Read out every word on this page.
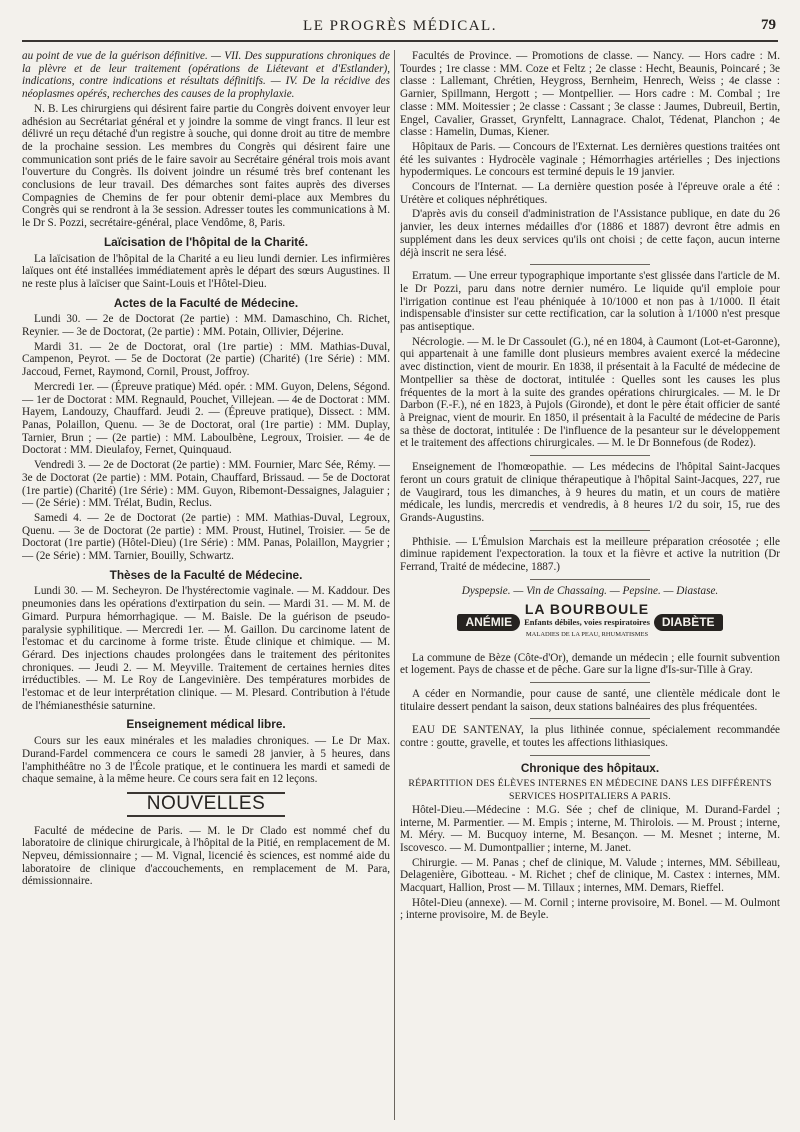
LE PROGRÈS MÉDICAL.	79

au point de vue de la guérison définitive. — VII. Des suppurations chroniques de la plèvre et de leur traitement (opérations de Liétevant et d'Estlander), indications, contre indications et résultats définitifs. — IV. De la récidive des néoplasmes opérés, recherches des causes de la prophylaxie.

N. B. Les chirurgiens qui désirent faire partie du Congrès doivent envoyer leur adhésion au Secrétariat général et y joindre la somme de vingt francs. Il leur est délivré un reçu détaché d'un registre à souche, qui donne droit au titre de membre de la prochaine session. Les membres du Congrès qui désirent faire une communication sont priés de le faire savoir au Secrétaire général trois mois avant l'ouverture du Congrès. Ils doivent joindre un résumé très bref contenant les conclusions de leur travail. Des démarches sont faites auprès des diverses Compagnies de Chemins de fer pour obtenir demi-place aux Membres du Congrès qui se rendront à la 3e session. Adresser toutes les communications à M. le Dr S. Pozzi, secrétaire-général, place Vendôme, 8, Paris.

Laïcisation de l'hôpital de la Charité.

La laïcisation de l'hôpital de la Charité a eu lieu lundi dernier. Les infirmières laïques ont été installées immédiatement après le départ des sœurs Augustines. Il ne reste plus à laïciser que Saint-Louis et l'Hôtel-Dieu.

Actes de la Faculté de Médecine.

Lundi 30. — 2e de Doctorat (2e partie) : MM. Damaschino, Ch. Richet, Reynier. — 3e de Doctorat, (2e partie) : MM. Potain, Ollivier, Déjerine.

Mardi 31. — 2e de Doctorat, oral (1re partie) : MM. Mathias-Duval, Campenon, Peyrot. — 5e de Doctorat (2e partie) (Charité) (1re Série) : MM. Jaccoud, Fernet, Raymond, Cornil, Proust, Joffroy.

Mercredi 1er. — (Épreuve pratique) Méd. opér. : MM. Guyon, Delens, Ségond. — 1er de Doctorat : MM. Regnauld, Pouchet, Villejean. — 4e de Doctorat : MM. Hayem, Landouzy, Chauffard. Jeudi 2. — (Épreuve pratique), Dissect. : MM. Panas, Polaillon, Quenu. — 3e de Doctorat, oral (1re partie) : MM. Duplay, Tarnier, Brun ; — (2e partie) : MM. Laboulbène, Legroux, Troisier. — 4e de Doctorat : MM. Dieulafoy, Fernet, Quinquaud.

Vendredi 3. — 2e de Doctorat (2e partie) : MM. Fournier, Marc Sée, Rémy. — 3e de Doctorat (2e partie) : MM. Potain, Chauffard, Brissaud. — 5e de Doctorat (1re partie) (Charité) (1re Série) : MM. Guyon, Ribemont-Dessaignes, Jalaguier ; — (2e Série) : MM. Trélat, Budin, Reclus.

Samedi 4. — 2e de Doctorat (2e partie) : MM. Mathias-Duval, Legroux, Quenu. — 3e de Doctorat (2e partie) : MM. Proust, Hutinel, Troisier. — 5e de Doctorat (1re partie) (Hôtel-Dieu) (1re Série) : MM. Panas, Polaillon, Maygrier ; — (2e Série) : MM. Tarnier, Bouilly, Schwartz.

Thèses de la Faculté de Médecine.

Lundi 30. — M. Secheyron. De l'hystérectomie vaginale. — M. Kaddour. Des pneumonies dans les opérations d'extirpation du sein. — Mardi 31. — M. M. de Gimard. Purpura hémorrhagique. — M. Baisle. De la guérison de pseudo-paralysie syphilitique. — Mercredi 1er. — M. Gaillon. Du carcinome latent de l'estomac et du carcinome à forme triste. Étude clinique et chimique. — M. Gérard. Des injections chaudes prolongées dans le traitement des péritonites chroniques. — Jeudi 2. — M. Meyville. Traitement de certaines hernies dites irréductibles. — M. Le Roy de Langevinière. Des températures morbides de l'estomac et de leur interprétation clinique. — M. Plesard. Contribution à l'étude de l'hémianesthésie saturnine.

Enseignement médical libre.

Cours sur les eaux minérales et les maladies chroniques. — Le Dr Max. Durand-Fardel commencera ce cours le samedi 28 janvier, à 5 heures, dans l'amphithéâtre no 3 de l'École pratique, et le continuera les mardi et samedi de chaque semaine, à la même heure. Ce cours sera fait en 12 leçons.

NOUVELLES

Faculté de médecine de Paris. — M. le Dr Clado est nommé chef du laboratoire de clinique chirurgicale, à l'hôpital de la Pitié, en remplacement de M. Nepveu, démissionnaire ; — M. Vignal, licencié ès sciences, est nommé aide du laboratoire de clinique d'accouchements, en remplacement de M. Para, démissionnaire.

Facultés de Province. — Promotions de classe. — Nancy. — Hors cadre : M. Tourdes ; 1re classe : MM. Coze et Feltz ; 2e classe : Hecht, Beaunis, Poincaré ; 3e classe : Lallemant, Chrétien, Heygross, Bernheim, Henrech, Weiss ; 4e classe : Garnier, Spillmann, Hergott ; — Montpellier. — Hors cadre : M. Combal ; 1re classe : MM. Moitessier ; 2e classe : Cassant ; 3e classe : Jaumes, Dubreuil, Bertin, Engel, Cavalier, Grasset, Grynfeltt, Lannagrace. Chalot, Tédenat, Planchon ; 4e classe : Hamelin, Dumas, Kiener.

Hôpitaux de Paris. — Concours de l'Externat. Les dernières questions traitées ont été les suivantes : Hydrocèle vaginale ; Hémorrhagies artérielles ; Des injections hypodermiques. Le concours est terminé depuis le 19 janvier.

Concours de l'Internat. — La dernière question posée à l'épreuve orale a été : Urétère et coliques néphrétiques.

D'après avis du conseil d'administration de l'Assistance publique, en date du 26 janvier, les deux internes médailles d'or (1886 et 1887) devront être admis en supplément dans les deux services qu'ils ont choisi ; de cette façon, aucun interne déjà inscrit ne sera lésé.

Erratum. — Une erreur typographique importante s'est glissée dans l'article de M. le Dr Pozzi, paru dans notre dernier numéro. Le liquide qu'il emploie pour l'irrigation continue est l'eau phéniquée à 10/1000 et non pas à 1/1000. Il était indispensable d'insister sur cette rectification, car la solution à 1/1000 n'est presque pas antiseptique.

Nécrologie. — M. le Dr Cassoulet (G.), né en 1804, à Caumont (Lot-et-Garonne), qui appartenait à une famille dont plusieurs membres avaient exercé la médecine avec distinction, vient de mourir. En 1838, il présentait à la Faculté de médecine de Montpellier sa thèse de doctorat, intitulée : Quelles sont les causes les plus fréquentes de la mort à la suite des grandes opérations chirurgicales. — M. le Dr Darbon (F.-F.), né en 1823, à Pujols (Gironde), et dont le père était officier de santé à Preignac, vient de mourir. En 1850, il présentait à la Faculté de médecine de Paris sa thèse de doctorat, intitulée : De l'influence de la pesanteur sur le développement et le traitement des affections chirurgicales. — M. le Dr Bonnefous (de Rodez).

Enseignement de l'homœopathie. — Les médecins de l'hôpital Saint-Jacques feront un cours gratuit de clinique thérapeutique à l'hôpital Saint-Jacques, 227, rue de Vaugirard, tous les dimanches, à 9 heures du matin, et un cours de matière médicale, les lundis, mercredis et vendredis, à 8 heures 1/2 du soir, 15, rue des Grands-Augustins.

Phthisie. — L'Émulsion Marchais est la meilleure préparation créosotée ; elle diminue rapidement l'expectoration. la toux et la fièvre et active la nutrition (Dr Ferrand, Traité de médecine, 1887.)

Dyspepsie. — Vin de Chassaing. — Pepsine. — Diastase.
ANÉMIE
LA BOURBOULE
Enfants débiles, voies respiratoires
MALADIES DE LA PEAU, RHUMATISMES
DIABÈTE

La commune de Bèze (Côte-d'Or), demande un médecin ; elle fournit subvention et logement. Pays de chasse et de pêche. Gare sur la ligne d'Is-sur-Tille à Gray.

A céder en Normandie, pour cause de santé, une clientèle médicale dont le titulaire dessert pendant la saison, deux stations balnéaires des plus fréquentées.

EAU DE SANTENAY, la plus lithinée connue, spécialement recommandée contre : goutte, gravelle, et toutes les affections lithiasiques.

Chronique des hôpitaux.
RÉPARTITION DES ÉLÈVES INTERNES EN MÉDECINE DANS LES DIFFÉRENTS SERVICES HOSPITALIERS A PARIS.

Hôtel-Dieu.—Médecine : M.G. Sée ; chef de clinique, M. Durand-Fardel ; interne, M. Parmentier. — M. Empis ; interne, M. Thirolois. — M. Proust ; interne, M. Méry. — M. Bucquoy interne, M. Besançon. — M. Mesnet ; interne, M. Iscovesco. — M. Dumontpallier ; interne, M. Janet.

Chirurgie. — M. Panas ; chef de clinique, M. Valude ; internes, MM. Sébilleau, Delagenière, Gibotteau. - M. Richet ; chef de clinique, M. Castex : internes, MM. Macquart, Hallion, Prost — M. Tillaux ; internes, MM. Demars, Rieffel.

Hôtel-Dieu (annexe). — M. Cornil ; interne provisoire, M. Bonel. — M. Oulmont ; interne provisoire, M. de Beyle.
